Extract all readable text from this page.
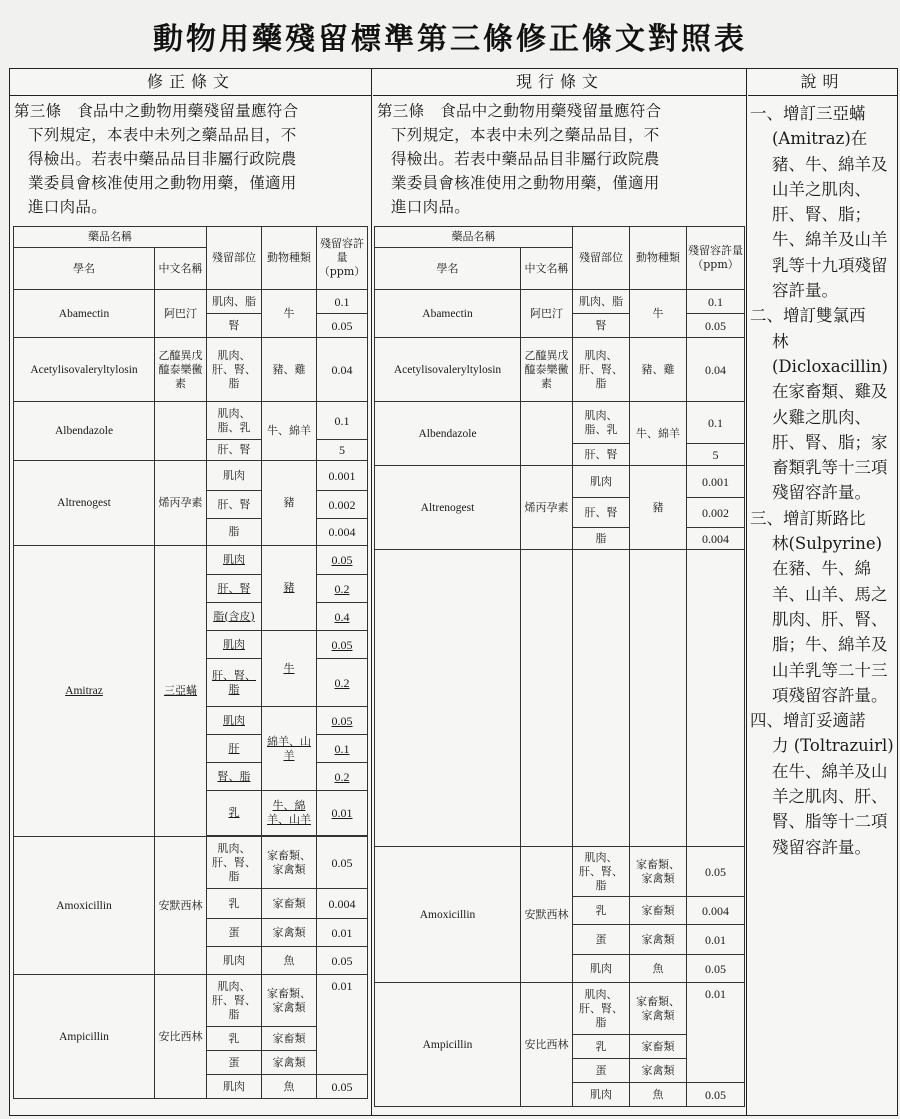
動物用藥殘留標準第三條修正條文對照表
修正條文	現行條文	說明
第三條　食品中之動物用藥殘留量應符合
下列規定，本表中未列之藥品品目，不
得檢出。若表中藥品品目非屬行政院農
業委員會核准使用之動物用藥，僅適用
進口肉品。
第三條　食品中之動物用藥殘留量應符合
下列規定，本表中未列之藥品品目，不
得檢出。若表中藥品品目非屬行政院農
業委員會核准使用之動物用藥，僅適用
進口肉品。
藥品名稱		殘留部位	動物種類	殘留容許量（ppm）
學名	中文名稱			
Abamectin	阿巴汀	肌肉、脂	牛	0.1
		腎		0.05
Acetylisovaleryltylosin	乙醯異戊醯泰樂黴素	肌肉、肝、腎、脂	豬、雞	0.04
Albendazole		肌肉、脂、乳	牛、綿羊	0.1
		肝、腎		5
Altrenogest	烯丙孕素	肌肉	豬	0.001
		肝、腎		0.002
		脂		0.004
Amitraz	三亞蟎	肌肉	豬	0.05
		肝、腎		0.2
		脂(含皮)		0.4
		肌肉	牛	0.05
		肝、腎、脂		0.2
		肌肉	綿羊、山羊	0.05
		肝		0.1
		腎、脂		0.2
		乳	牛、綿羊、山羊	0.01

Amoxicillin	安默西林	肌肉、肝、腎、脂	家畜類、家禽類	0.05
		乳	家畜類	0.004
		蛋	家禽類	0.01
		肌肉	魚	0.05
Ampicillin	安比西林	肌肉、肝、腎、脂	家畜類、家禽類	0.01
		乳	家畜類	
		蛋	家禽類	
		肌肉	魚	0.05
藥品名稱		殘留部位	動物種類	殘留容許量（ppm）
學名	中文名稱			
Abamectin	阿巴汀	肌肉、脂	牛	0.1
		腎		0.05
Acetylisovaleryltylosin	乙醯異戊醯泰樂黴素	肌肉、肝、腎、脂	豬、雞	0.04
Albendazole		肌肉、脂、乳	牛、綿羊	0.1
		肝、腎		5
Altrenogest	烯丙孕素	肌肉	豬	0.001
		肝、腎		0.002
		脂		0.004

Amoxicillin	安默西林	肌肉、肝、腎、脂	家畜類、家禽類	0.05
		乳	家畜類	0.004
		蛋	家禽類	0.01
		肌肉	魚	0.05
Ampicillin	安比西林	肌肉、肝、腎、脂	家畜類、家禽類	0.01
		乳	家畜類	
		蛋	家禽類	
		肌肉	魚	0.05
一、增訂三亞蟎
(Amitraz)在豬、牛、綿羊及山羊之肌肉、肝、腎、脂；牛、綿羊及山羊乳等十九項殘留容許量。
二、增訂雙氯西
林 (Dicloxacillin)在家畜類、雞及火雞之肌肉、肝、腎、脂；家畜類乳等十三項殘留容許量。
三、增訂斯路比
林(Sulpyrine)在豬、牛、綿羊、山羊、馬之肌肉、肝、腎、脂；牛、綿羊及山羊乳等二十三項殘留容許量。
四、增訂妥適諾
力 (Toltrazuirl)在牛、綿羊及山羊之肌肉、肝、腎、脂等十二項殘留容許量。
